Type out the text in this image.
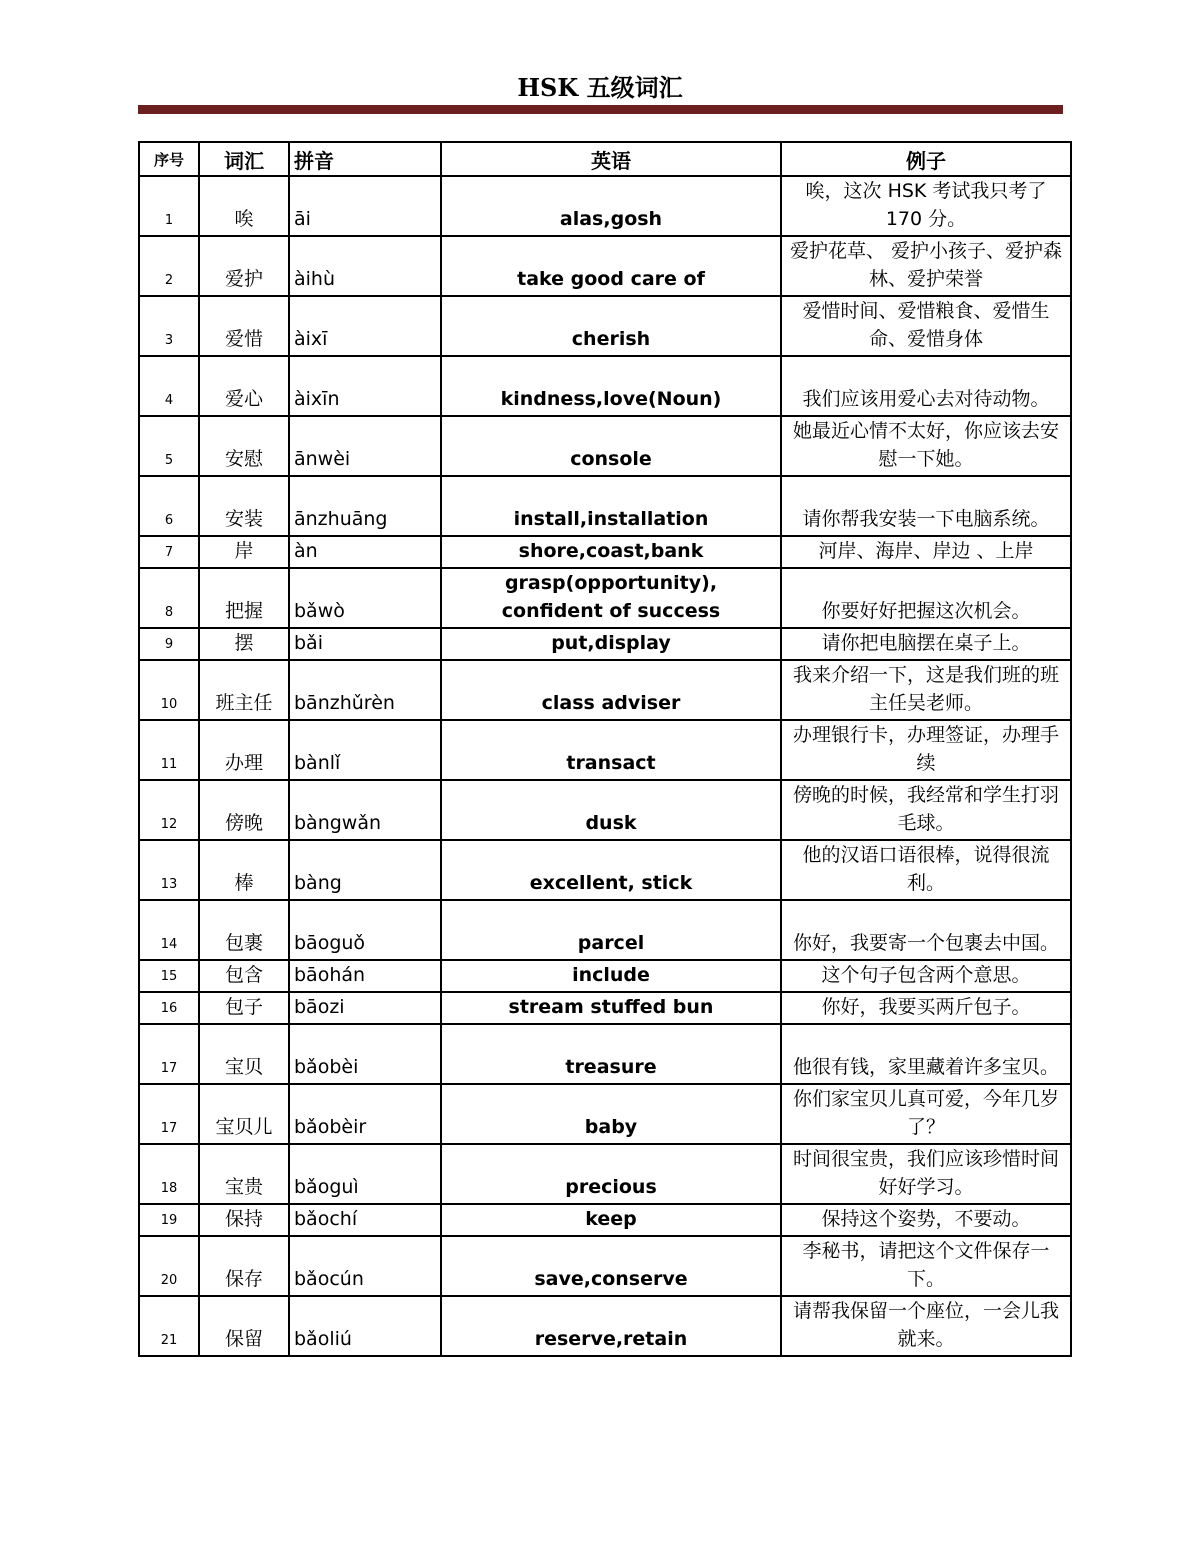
HSK 五级词汇
序号	词汇	拼音	英语	例子
1	唉	āi	alas,gosh	唉，这次 HSK 考试我只考了 170 分。
2	爱护	àihù	take good care of	爱护花草、 爱护小孩子、爱护森林、爱护荣誉
3	爱惜	àixī	cherish	爱惜时间、爱惜粮食、爱惜生命、爱惜身体
4	爱心	àixīn	kindness,love(Noun)	我们应该用爱心去对待动物。
5	安慰	ānwèi	console	她最近心情不太好，你应该去安慰一下她。
6	安装	ānzhuāng	install,installation	请你帮我安装一下电脑系统。
7	岸	àn	shore,coast,bank	河岸、海岸、岸边 、上岸
8	把握	bǎwò	grasp(opportunity),
confident of success	你要好好把握这次机会。
9	摆	bǎi	put,display	请你把电脑摆在桌子上。
10	班主任	bānzhǔrèn	class adviser	我来介绍一下，这是我们班的班主任吴老师。
11	办理	bànlǐ	transact	办理银行卡，办理签证，办理手续
12	傍晚	bàngwǎn	dusk	傍晚的时候，我经常和学生打羽毛球。
13	棒	bàng	excellent, stick	他的汉语口语很棒，说得很流利。
14	包裹	bāoguǒ	parcel	你好，我要寄一个包裹去中国。
15	包含	bāohán	include	这个句子包含两个意思。
16	包子	bāozi	stream stuffed bun	你好，我要买两斤包子。
17	宝贝	bǎobèi	treasure	他很有钱，家里藏着许多宝贝。
17	宝贝儿	bǎobèir	baby	你们家宝贝儿真可爱，今年几岁了？
18	宝贵	bǎoguì	precious	时间很宝贵，我们应该珍惜时间好好学习。
19	保持	bǎochí	keep	保持这个姿势，不要动。
20	保存	bǎocún	save,conserve	李秘书，请把这个文件保存一下。
21	保留	bǎoliú	reserve,retain	请帮我保留一个座位，一会儿我就来。
